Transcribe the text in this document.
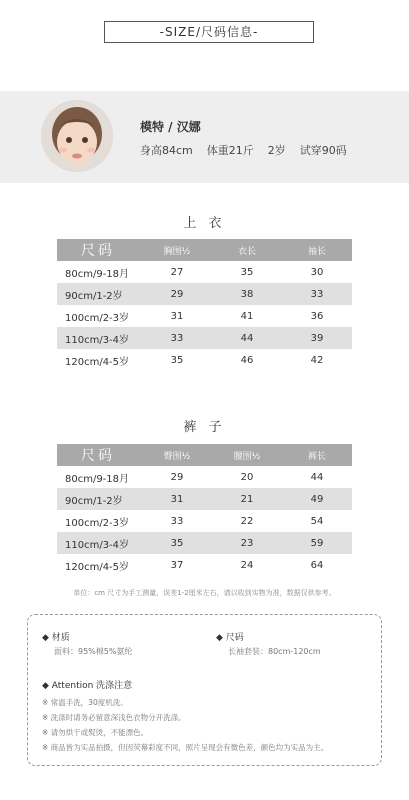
-SIZE/尺码信息-
模特 / 汉娜
身高84cm 体重21斤 2岁 试穿90码
上 衣
尺码	胸围½	衣长	袖长
80cm/9-18月	27	35	30
90cm/1-2岁	29	38	33
100cm/2-3岁	31	41	36
110cm/3-4岁	33	44	39
120cm/4-5岁	35	46	42
裤 子
尺码	臀围½	腰围½	裤长
80cm/9-18月	29	20	44
90cm/1-2岁	31	21	49
100cm/2-3岁	33	22	54
110cm/3-4岁	35	23	59
120cm/4-5岁	37	24	64
单位：cm 尺寸为手工测量，误差1-2厘米左右，请以收到实物为准，数据仅供参考。
◆ 材质
面料：95%棉5%氨纶
◆ 尺码
长袖套装：80cm-120cm
◆ Attention 洗涤注意
※ 常温手洗，30度机洗。
※ 洗涤时请务必留意深浅色衣物分开洗涤。
※ 请勿烘干或熨烫，不能漂色。
※ 商品皆为实品拍摄，但因荧幕彩度不同，照片呈现会有微色差，颜色均为实品为主。
